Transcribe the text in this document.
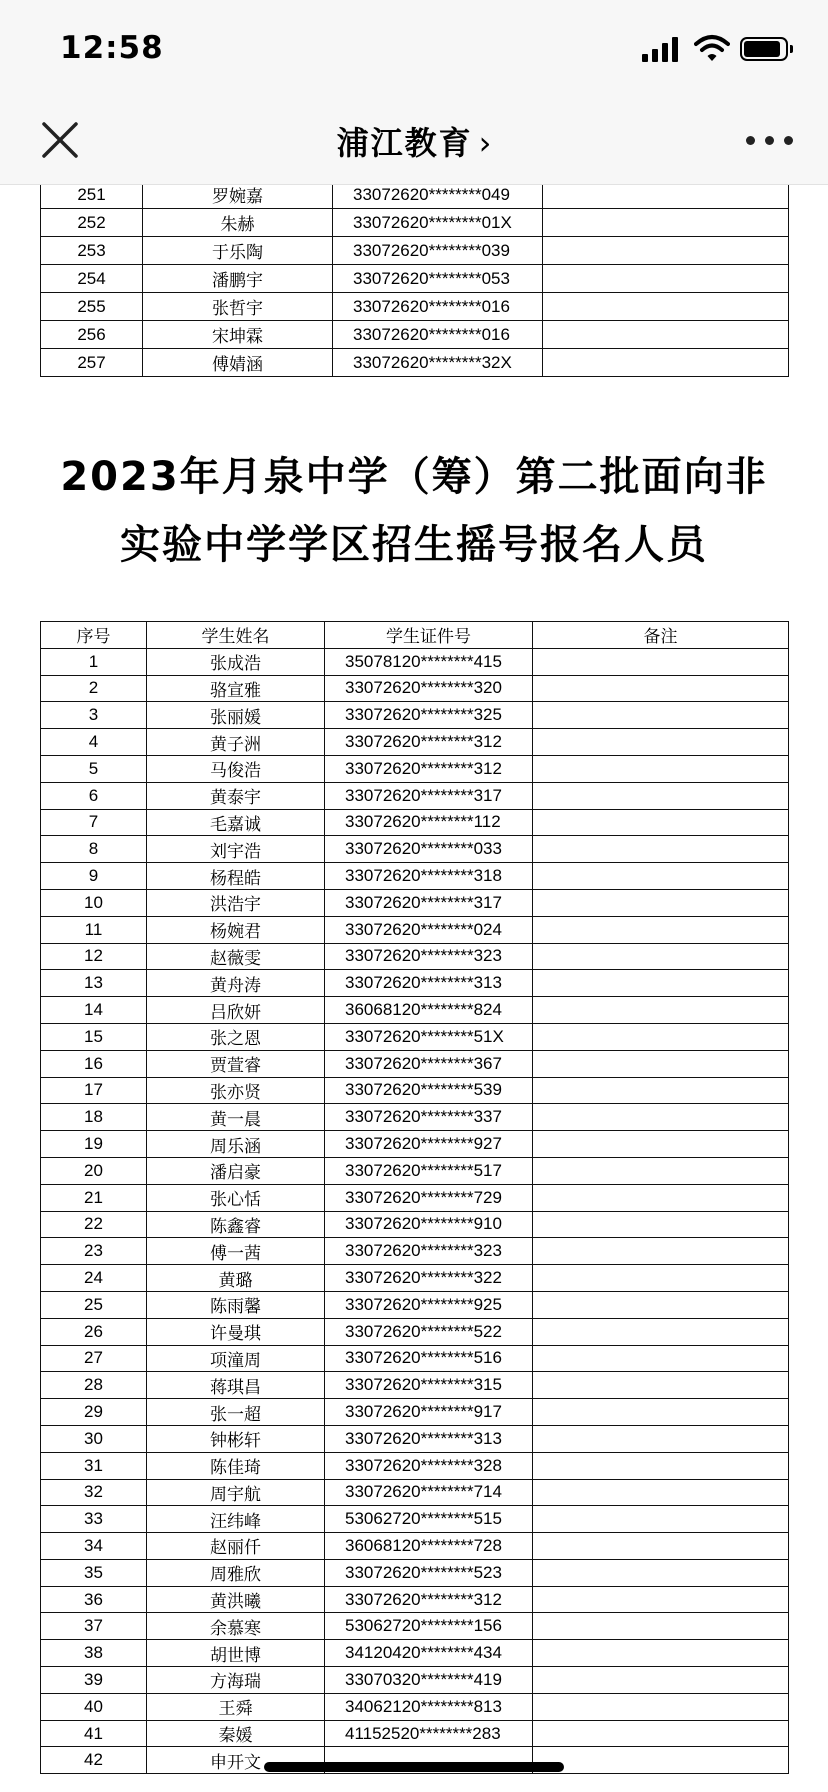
12:58
浦江教育 ›
251	罗婉嘉	33072620********049	
252	朱赫	33072620********01X	
253	于乐陶	33072620********039	
254	潘鹏宇	33072620********053	
255	张哲宇	33072620********016	
256	宋坤霖	33072620********016	
257	傅婧涵	33072620********32X	
2023年月泉中学（筹）第二批面向非
实验中学学区招生摇号报名人员
序号	学生姓名	学生证件号	备注
1	张成浩	35078120********415	
2	骆宣雅	33072620********320	
3	张丽媛	33072620********325	
4	黄子洲	33072620********312	
5	马俊浩	33072620********312	
6	黄泰宇	33072620********317	
7	毛嘉诚	33072620********112	
8	刘宇浩	33072620********033	
9	杨程皓	33072620********318	
10	洪浩宇	33072620********317	
11	杨婉君	33072620********024	
12	赵薇雯	33072620********323	
13	黄舟涛	33072620********313	
14	吕欣妍	36068120********824	
15	张之恩	33072620********51X	
16	贾萱睿	33072620********367	
17	张亦贤	33072620********539	
18	黄一晨	33072620********337	
19	周乐涵	33072620********927	
20	潘启豪	33072620********517	
21	张心恬	33072620********729	
22	陈鑫睿	33072620********910	
23	傅一茜	33072620********323	
24	黄璐	33072620********322	
25	陈雨馨	33072620********925	
26	许曼琪	33072620********522	
27	项潼周	33072620********516	
28	蒋琪昌	33072620********315	
29	张一超	33072620********917	
30	钟彬轩	33072620********313	
31	陈佳琦	33072620********328	
32	周宇航	33072620********714	
33	汪纬峰	53062720********515	
34	赵丽仟	36068120********728	
35	周雅欣	33072620********523	
36	黄洪曦	33072620********312	
37	余慕寒	53062720********156	
38	胡世博	34120420********434	
39	方海瑞	33070320********419	
40	王舜	34062120********813	
41	秦媛	41152520********283	
42	申开文		
